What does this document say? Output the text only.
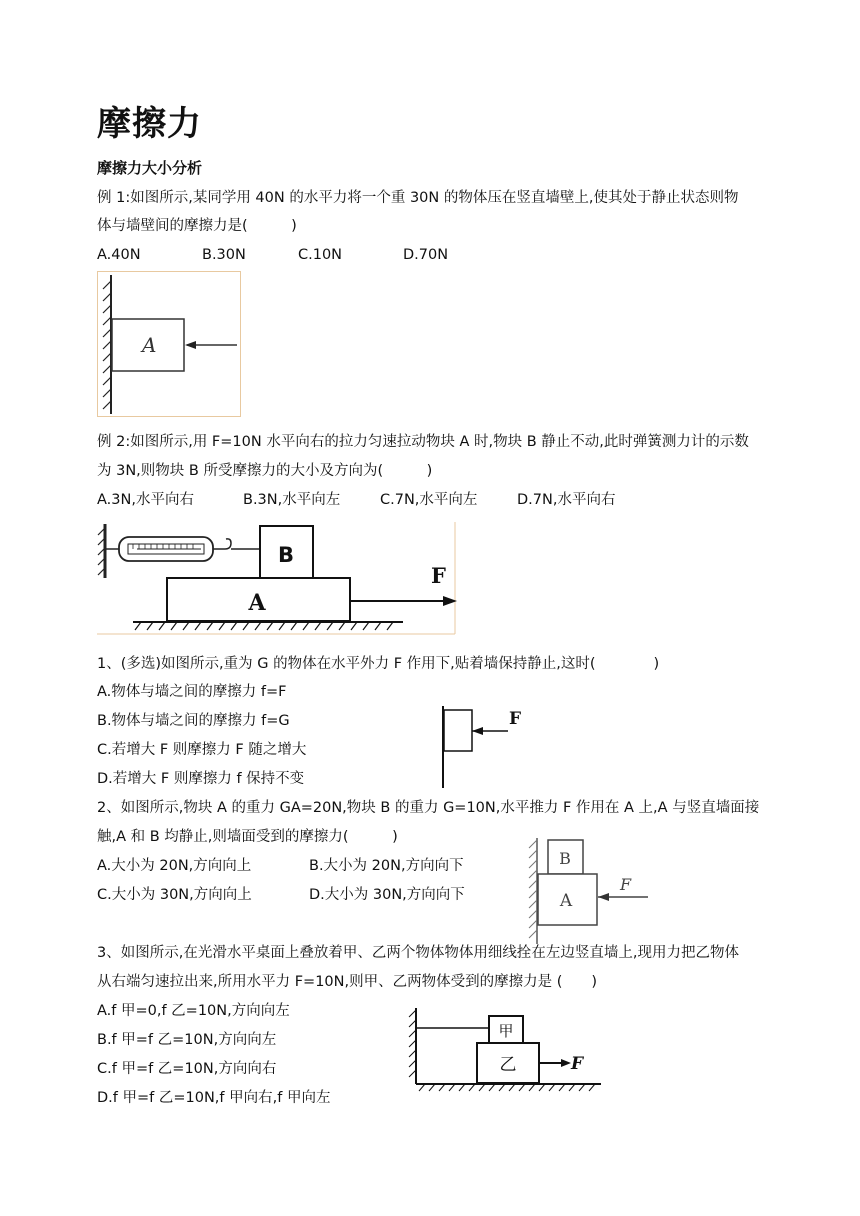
摩擦力
摩擦力大小分析
例 1:如图所示,某同学用 40N 的水平力将一个重 30N 的物体压在竖直墙壁上,使其处于静止状态则物
体与墙壁间的摩擦力是(　　　)
A.40N	B.30N	C.10N	D.70N
A
例 2:如图所示,用 F=10N 水平向右的拉力匀速拉动物块 A 时,物块 B 静止不动,此时弹簧测力计的示数
为 3N,则物块 B 所受摩擦力的大小及方向为(　　　)
A.3N,水平向右	B.3N,水平向左	C.7N,水平向左	D.7N,水平向右
B
A
F
1、(多选)如图所示,重为 G 的物体在水平外力 F 作用下,贴着墙保持静止,这时(　　　　)
A.物体与墙之间的摩擦力 f=F
B.物体与墙之间的摩擦力 f=G
C.若增大 F 则摩擦力 F 随之增大
D.若增大 F 则摩擦力 f 保持不变
F
2、如图所示,物块 A 的重力 GA=20N,物块 B 的重力 G=10N,水平推力 F 作用在 A 上,A 与竖直墙面接
触,A 和 B 均静止,则墙面受到的摩擦力(　　　)
A.大小为 20N,方向向上	B.大小为 20N,方向向下
C.大小为 30N,方向向上	D.大小为 30N,方向向下
B
A
F
3、如图所示,在光滑水平桌面上叠放着甲、乙两个物体物体用细线拴在左边竖直墙上,现用力把乙物体
从右端匀速拉出来,所用水平力 F=10N,则甲、乙两物体受到的摩擦力是 (　　)
A.f 甲=0,f 乙=10N,方向向左
B.f 甲=f 乙=10N,方向向左
C.f 甲=f 乙=10N,方向向右
D.f 甲=f 乙=10N,f 甲向右,f 甲向左
甲
乙	F
